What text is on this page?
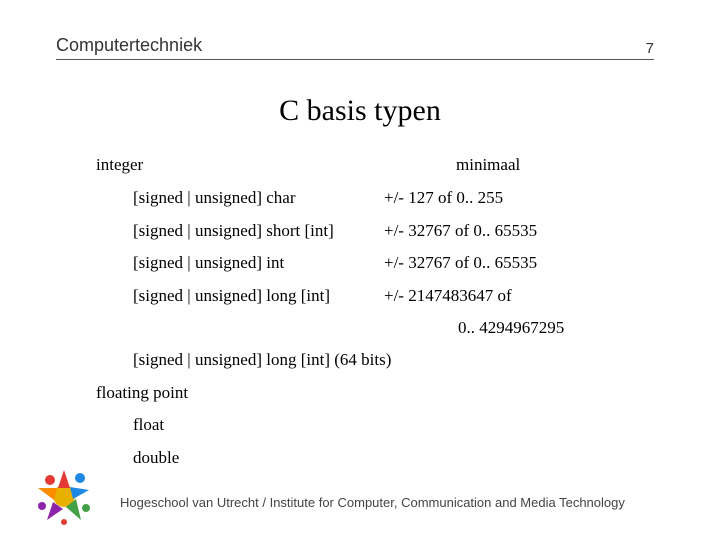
Computertechniek	7
C basis typen
integer	minimaal
[signed | unsigned] char	+/- 127 of 0.. 255
[signed | unsigned] short [int]	+/- 32767 of 0.. 65535
[signed | unsigned] int	+/- 32767 of 0.. 65535
[signed | unsigned] long [int]	+/- 2147483647 of
0.. 4294967295
[signed | unsigned] long [int] (64 bits)
floating point
float
double
Hogeschool van Utrecht / Institute for Computer, Communication and Media Technology
